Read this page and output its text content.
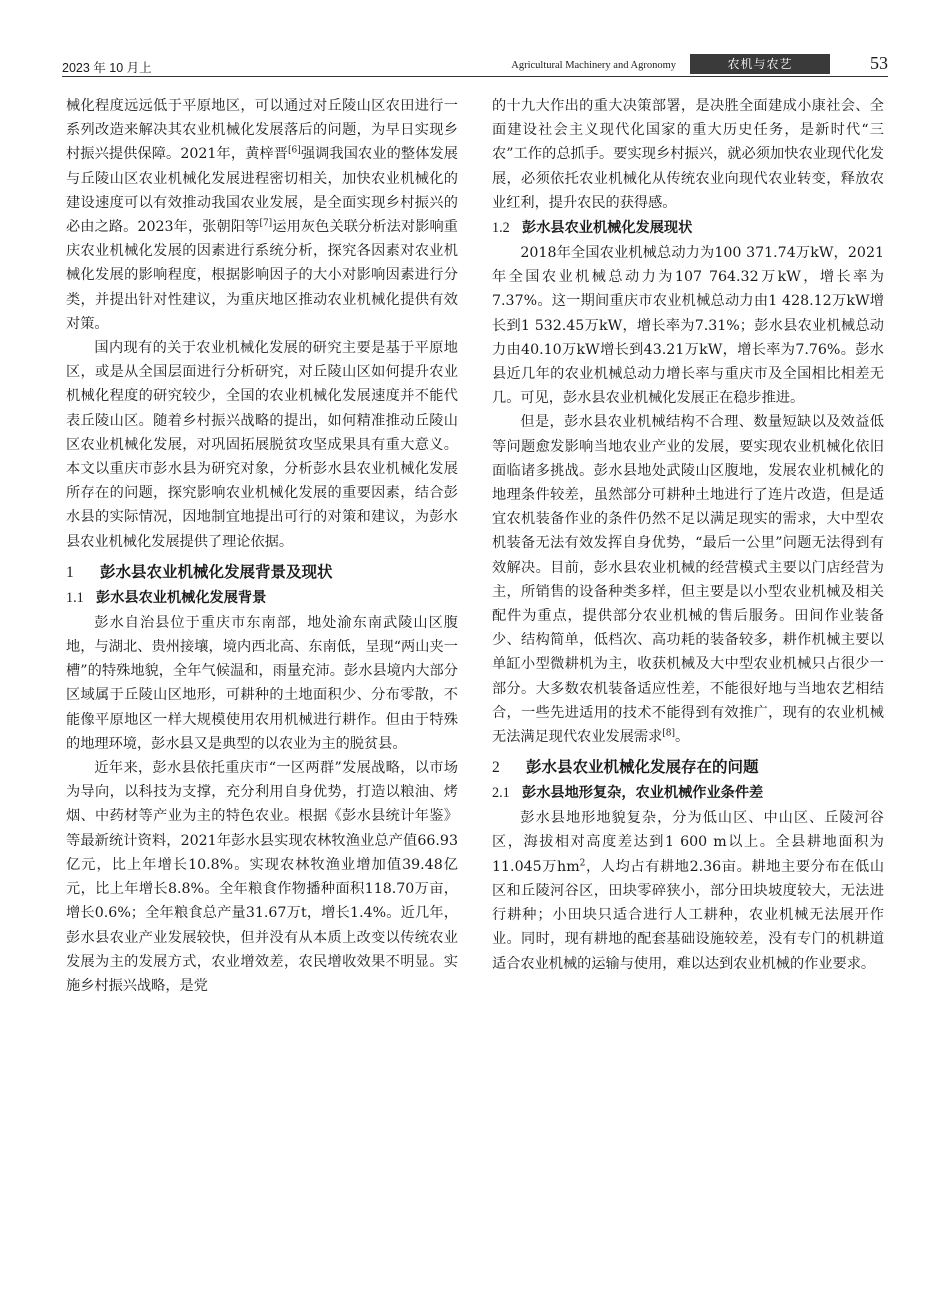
2023 年 10 月上	Agricultural Machinery and Agronomy	农机与农艺	53

械化程度远远低于平原地区，可以通过对丘陵山区农田进行一系列改造来解决其农业机械化发展落后的问题，为早日实现乡村振兴提供保障。2021年，黄梓晋[6]强调我国农业的整体发展与丘陵山区农业机械化发展进程密切相关，加快农业机械化的建设速度可以有效推动我国农业发展，是全面实现乡村振兴的必由之路。2023年，张朝阳等[7]运用灰色关联分析法对影响重庆农业机械化发展的因素进行系统分析，探究各因素对农业机械化发展的影响程度，根据影响因子的大小对影响因素进行分类，并提出针对性建议，为重庆地区推动农业机械化提供有效对策。

国内现有的关于农业机械化发展的研究主要是基于平原地区，或是从全国层面进行分析研究，对丘陵山区如何提升农业机械化程度的研究较少，全国的农业机械化发展速度并不能代表丘陵山区。随着乡村振兴战略的提出，如何精准推动丘陵山区农业机械化发展，对巩固拓展脱贫攻坚成果具有重大意义。本文以重庆市彭水县为研究对象，分析彭水县农业机械化发展所存在的问题，探究影响农业机械化发展的重要因素，结合彭水县的实际情况，因地制宜地提出可行的对策和建议，为彭水县农业机械化发展提供了理论依据。

1 彭水县农业机械化发展背景及现状
1.1 彭水县农业机械化发展背景

彭水自治县位于重庆市东南部，地处渝东南武陵山区腹地，与湖北、贵州接壤，境内西北高、东南低，呈现“两山夹一槽”的特殊地貌，全年气候温和，雨量充沛。彭水县境内大部分区域属于丘陵山区地形，可耕种的土地面积少、分布零散，不能像平原地区一样大规模使用农用机械进行耕作。但由于特殊的地理环境，彭水县又是典型的以农业为主的脱贫县。

近年来，彭水县依托重庆市“一区两群”发展战略，以市场为导向，以科技为支撑，充分利用自身优势，打造以粮油、烤烟、中药材等产业为主的特色农业。根据《彭水县统计年鉴》等最新统计资料，2021年彭水县实现农林牧渔业总产值66.93亿元，比上年增长10.8%。实现农林牧渔业增加值39.48亿元，比上年增长8.8%。全年粮食作物播种面积118.70万亩，增长0.6%；全年粮食总产量31.67万t，增长1.4%。近几年，彭水县农业产业发展较快，但并没有从本质上改变以传统农业发展为主的发展方式，农业增效差，农民增收效果不明显。实施乡村振兴战略，是党

的十九大作出的重大决策部署，是决胜全面建成小康社会、全面建设社会主义现代化国家的重大历史任务，是新时代“三农”工作的总抓手。要实现乡村振兴，就必须加快农业现代化发展，必须依托农业机械化从传统农业向现代农业转变，释放农业红利，提升农民的获得感。

1.2 彭水县农业机械化发展现状

2018年全国农业机械总动力为100 371.74万kW，2021年全国农业机械总动力为107 764.32万kW，增长率为7.37%。这一期间重庆市农业机械总动力由1 428.12万kW增长到1 532.45万kW，增长率为7.31%；彭水县农业机械总动力由40.10万kW增长到43.21万kW，增长率为7.76%。彭水县近几年的农业机械总动力增长率与重庆市及全国相比相差无几。可见，彭水县农业机械化发展正在稳步推进。

但是，彭水县农业机械结构不合理、数量短缺以及效益低等问题愈发影响当地农业产业的发展，要实现农业机械化依旧面临诸多挑战。彭水县地处武陵山区腹地，发展农业机械化的地理条件较差，虽然部分可耕种土地进行了连片改造，但是适宜农机装备作业的条件仍然不足以满足现实的需求，大中型农机装备无法有效发挥自身优势，“最后一公里”问题无法得到有效解决。目前，彭水县农业机械的经营模式主要以门店经营为主，所销售的设备种类多样，但主要是以小型农业机械及相关配件为重点，提供部分农业机械的售后服务。田间作业装备少、结构简单，低档次、高功耗的装备较多，耕作机械主要以单缸小型微耕机为主，收获机械及大中型农业机械只占很少一部分。大多数农机装备适应性差，不能很好地与当地农艺相结合，一些先进适用的技术不能得到有效推广，现有的农业机械无法满足现代农业发展需求[8]。

2 彭水县农业机械化发展存在的问题
2.1 彭水县地形复杂，农业机械作业条件差

彭水县地形地貌复杂，分为低山区、中山区、丘陵河谷区，海拔相对高度差达到1 600 m以上。全县耕地面积为11.045万$hm^2$，人均占有耕地2.36亩。耕地主要分布在低山区和丘陵河谷区，田块零碎狭小，部分田块坡度较大，无法进行耕种；小田块只适合进行人工耕种，农业机械无法展开作业。同时，现有耕地的配套基础设施较差，没有专门的机耕道适合农业机械的运输与使用，难以达到农业机械的作业要求。
